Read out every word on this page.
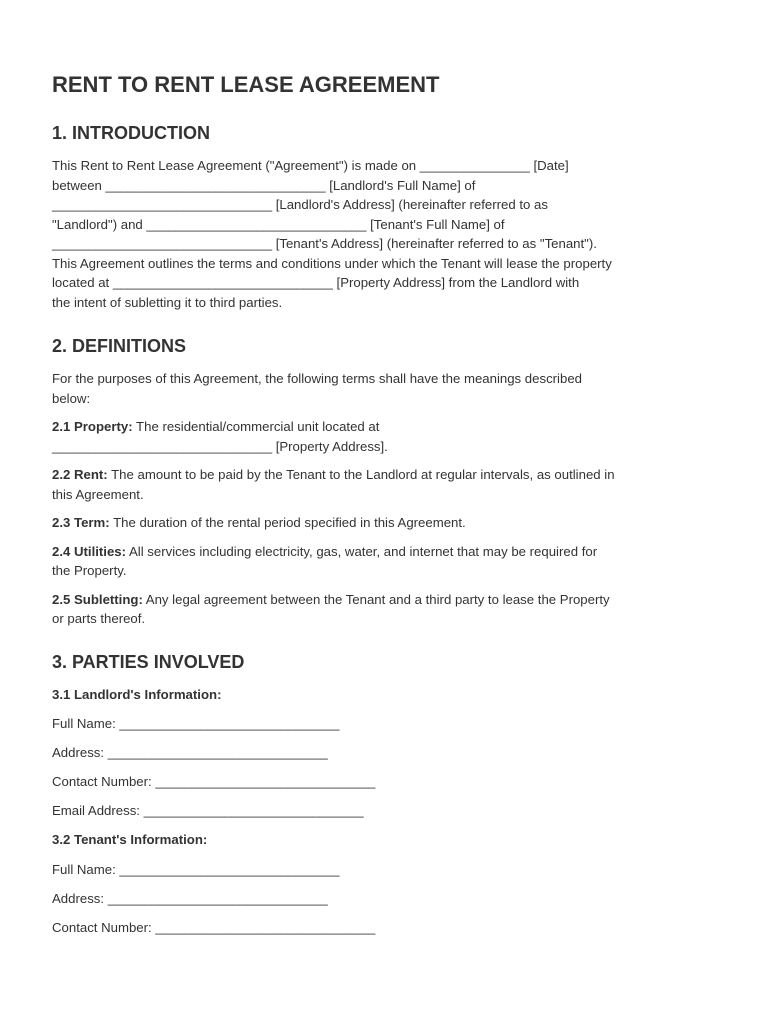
RENT TO RENT LEASE AGREEMENT
1. INTRODUCTION

This Rent to Rent Lease Agreement ("Agreement") is made on _______________ [Date]
between ______________________________ [Landlord's Full Name] of
______________________________ [Landlord's Address] (hereinafter referred to as
"Landlord") and ______________________________ [Tenant's Full Name] of
______________________________ [Tenant's Address] (hereinafter referred to as "Tenant").
This Agreement outlines the terms and conditions under which the Tenant will lease the property
located at ______________________________ [Property Address] from the Landlord with
the intent of subletting it to third parties.

2. DEFINITIONS

For the purposes of this Agreement, the following terms shall have the meanings described
below:

2.1 Property: The residential/commercial unit located at
______________________________ [Property Address].

2.2 Rent: The amount to be paid by the Tenant to the Landlord at regular intervals, as outlined in
this Agreement.

2.3 Term: The duration of the rental period specified in this Agreement.

2.4 Utilities: All services including electricity, gas, water, and internet that may be required for
the Property.

2.5 Subletting: Any legal agreement between the Tenant and a third party to lease the Property
or parts thereof.

3. PARTIES INVOLVED
3.1 Landlord's Information:
Full Name: ______________________________
Address: ______________________________
Contact Number: ______________________________
Email Address: ______________________________
3.2 Tenant's Information:
Full Name: ______________________________
Address: ______________________________
Contact Number: ______________________________
